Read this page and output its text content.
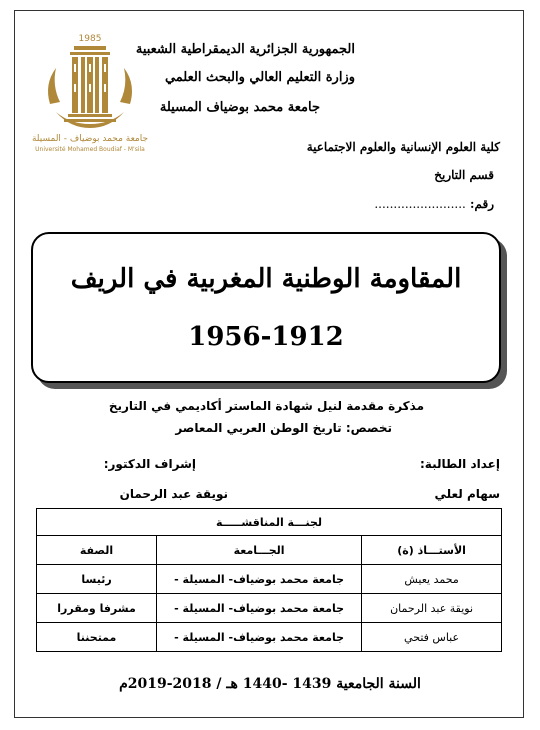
1985
جامعة محمد بوضياف - المسيلة
Université Mohamed Boudiaf - M'sila
الجمهورية الجزائرية الديمقراطية الشعبية
وزارة التعليم العالي والبحث العلمي
جامعة محمد بوضياف المسيلة
كلية العلوم الإنسانية والعلوم الاجتماعية
قسم التاريخ
رقم: ........................
المقاومة الوطنية المغربية في الريف
1956-1912
مذكرة مقدمة لنيل شهادة الماستر أكاديمي في التاريخ
تخصص: تاريخ الوطن العربي المعاصر
إعداد الطالبة:
إشراف الدكتور:
سهام لعلي
نويقة عبد الرحمان
لجنـــة المناقشـــــة		
الأستـــاذ (ة)	الجـــامعة	الصفة
محمد يعيش	جامعة محمد بوضياف- المسيلة -	رئيسا
نويقة عبد الرحمان	جامعة محمد بوضياف- المسيلة -	مشرفا ومقررا
عباس فتحي	جامعة محمد بوضياف- المسيلة -	ممتحننا
السنة الجامعية 1439 -1440 هـ / 2018-2019م
